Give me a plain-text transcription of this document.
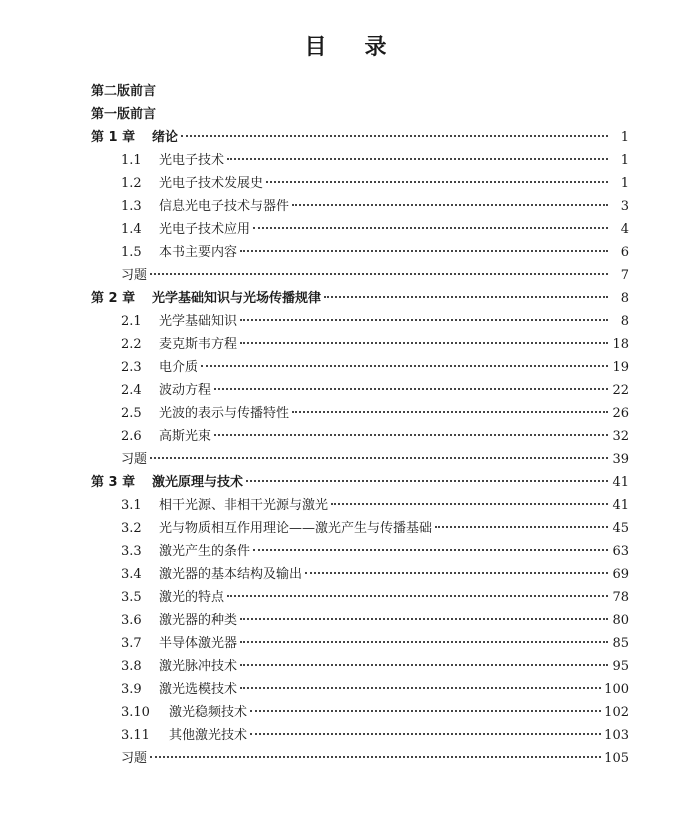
目 录
第二版前言
第一版前言
第 1 章	绪论	1
1.1	光电子技术	1
1.2	光电子技术发展史	1
1.3	信息光电子技术与器件	3
1.4	光电子技术应用	4
1.5	本书主要内容	6
习题	7
第 2 章	光学基础知识与光场传播规律	8
2.1	光学基础知识	8
2.2	麦克斯韦方程	18
2.3	电介质	19
2.4	波动方程	22
2.5	光波的表示与传播特性	26
2.6	高斯光束	32
习题	39
第 3 章	激光原理与技术	41
3.1	相干光源、非相干光源与激光	41
3.2	光与物质相互作用理论——激光产生与传播基础	45
3.3	激光产生的条件	63
3.4	激光器的基本结构及输出	69
3.5	激光的特点	78
3.6	激光器的种类	80
3.7	半导体激光器	85
3.8	激光脉冲技术	95
3.9	激光选模技术	100
3.10	激光稳频技术	102
3.11	其他激光技术	103
习题	105
